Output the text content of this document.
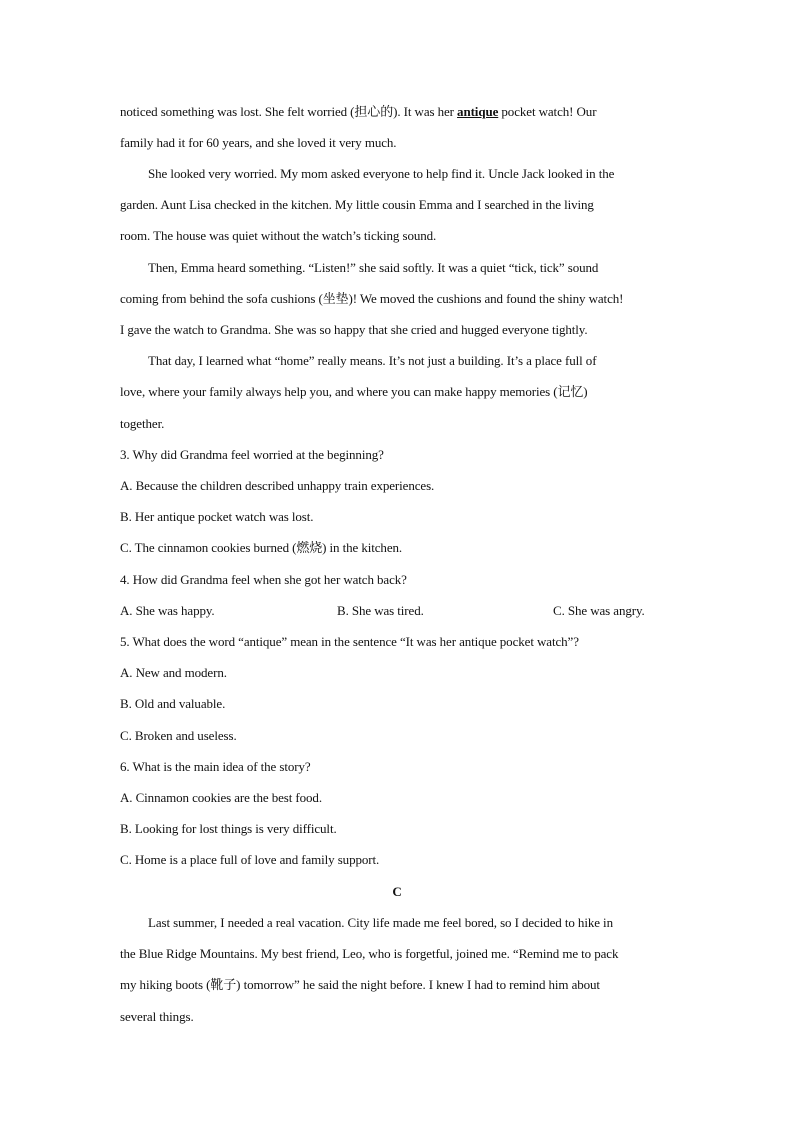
noticed something was lost. She felt worried (担心的). It was her antique pocket watch! Our
family had it for 60 years, and she loved it very much.
She looked very worried. My mom asked everyone to help find it. Uncle Jack looked in the
garden. Aunt Lisa checked in the kitchen. My little cousin Emma and I searched in the living
room. The house was quiet without the watch’s ticking sound.
Then, Emma heard something. “Listen!” she said softly. It was a quiet “tick, tick” sound
coming from behind the sofa cushions (坐垫)! We moved the cushions and found the shiny watch!
I gave the watch to Grandma. She was so happy that she cried and hugged everyone tightly.
That day, I learned what “home” really means. It’s not just a building. It’s a place full of
love, where your family always help you, and where you can make happy memories (记忆)
together.
3. Why did Grandma feel worried at the beginning?
A. Because the children described unhappy train experiences.
B. Her antique pocket watch was lost.
C. The cinnamon cookies burned (燃烧) in the kitchen.
4. How did Grandma feel when she got her watch back?
A. She was happy.	B. She was tired.	C. She was angry.
5. What does the word “antique” mean in the sentence “It was her antique pocket watch”?
A. New and modern.
B. Old and valuable.
C. Broken and useless.
6. What is the main idea of the story?
A. Cinnamon cookies are the best food.
B. Looking for lost things is very difficult.
C. Home is a place full of love and family support.
C
Last summer, I needed a real vacation. City life made me feel bored, so I decided to hike in
the Blue Ridge Mountains. My best friend, Leo, who is forgetful, joined me. “Remind me to pack
my hiking boots (靴子) tomorrow” he said the night before. I knew I had to remind him about
several things.
